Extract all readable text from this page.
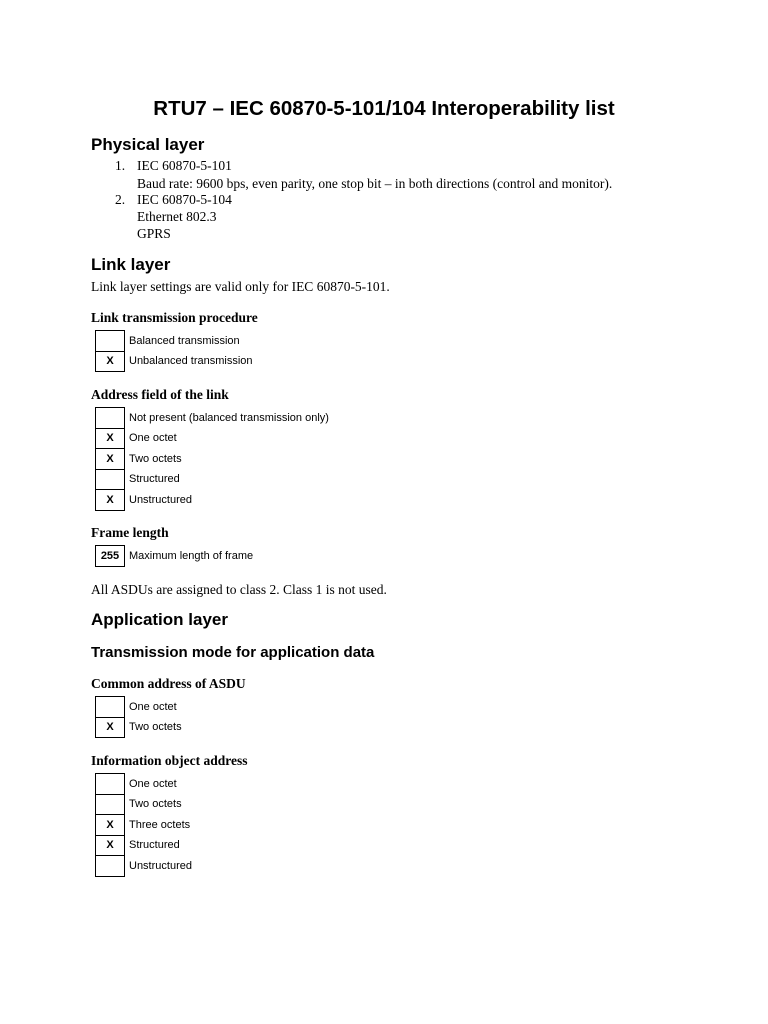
RTU7 – IEC 60870-5-101/104 Interoperability list
Physical layer
1. IEC 60870-5-101
Baud rate: 9600 bps, even parity, one stop bit – in both directions (control and monitor).
2. IEC 60870-5-104
Ethernet 802.3
GPRS
Link layer
Link layer settings are valid only for IEC 60870-5-101.
Link transmission procedure
	Balanced transmission
X	Unbalanced transmission
Address field of the link
	Not present (balanced transmission only)
X	One octet
X	Two octets
	Structured
X	Unstructured
Frame length
255	Maximum length of frame
All ASDUs are assigned to class 2. Class 1 is not used.
Application layer
Transmission mode for application data
Common address of ASDU
	One octet
X	Two octets
Information object address
	One octet
	Two octets
X	Three octets
X	Structured
	Unstructured
